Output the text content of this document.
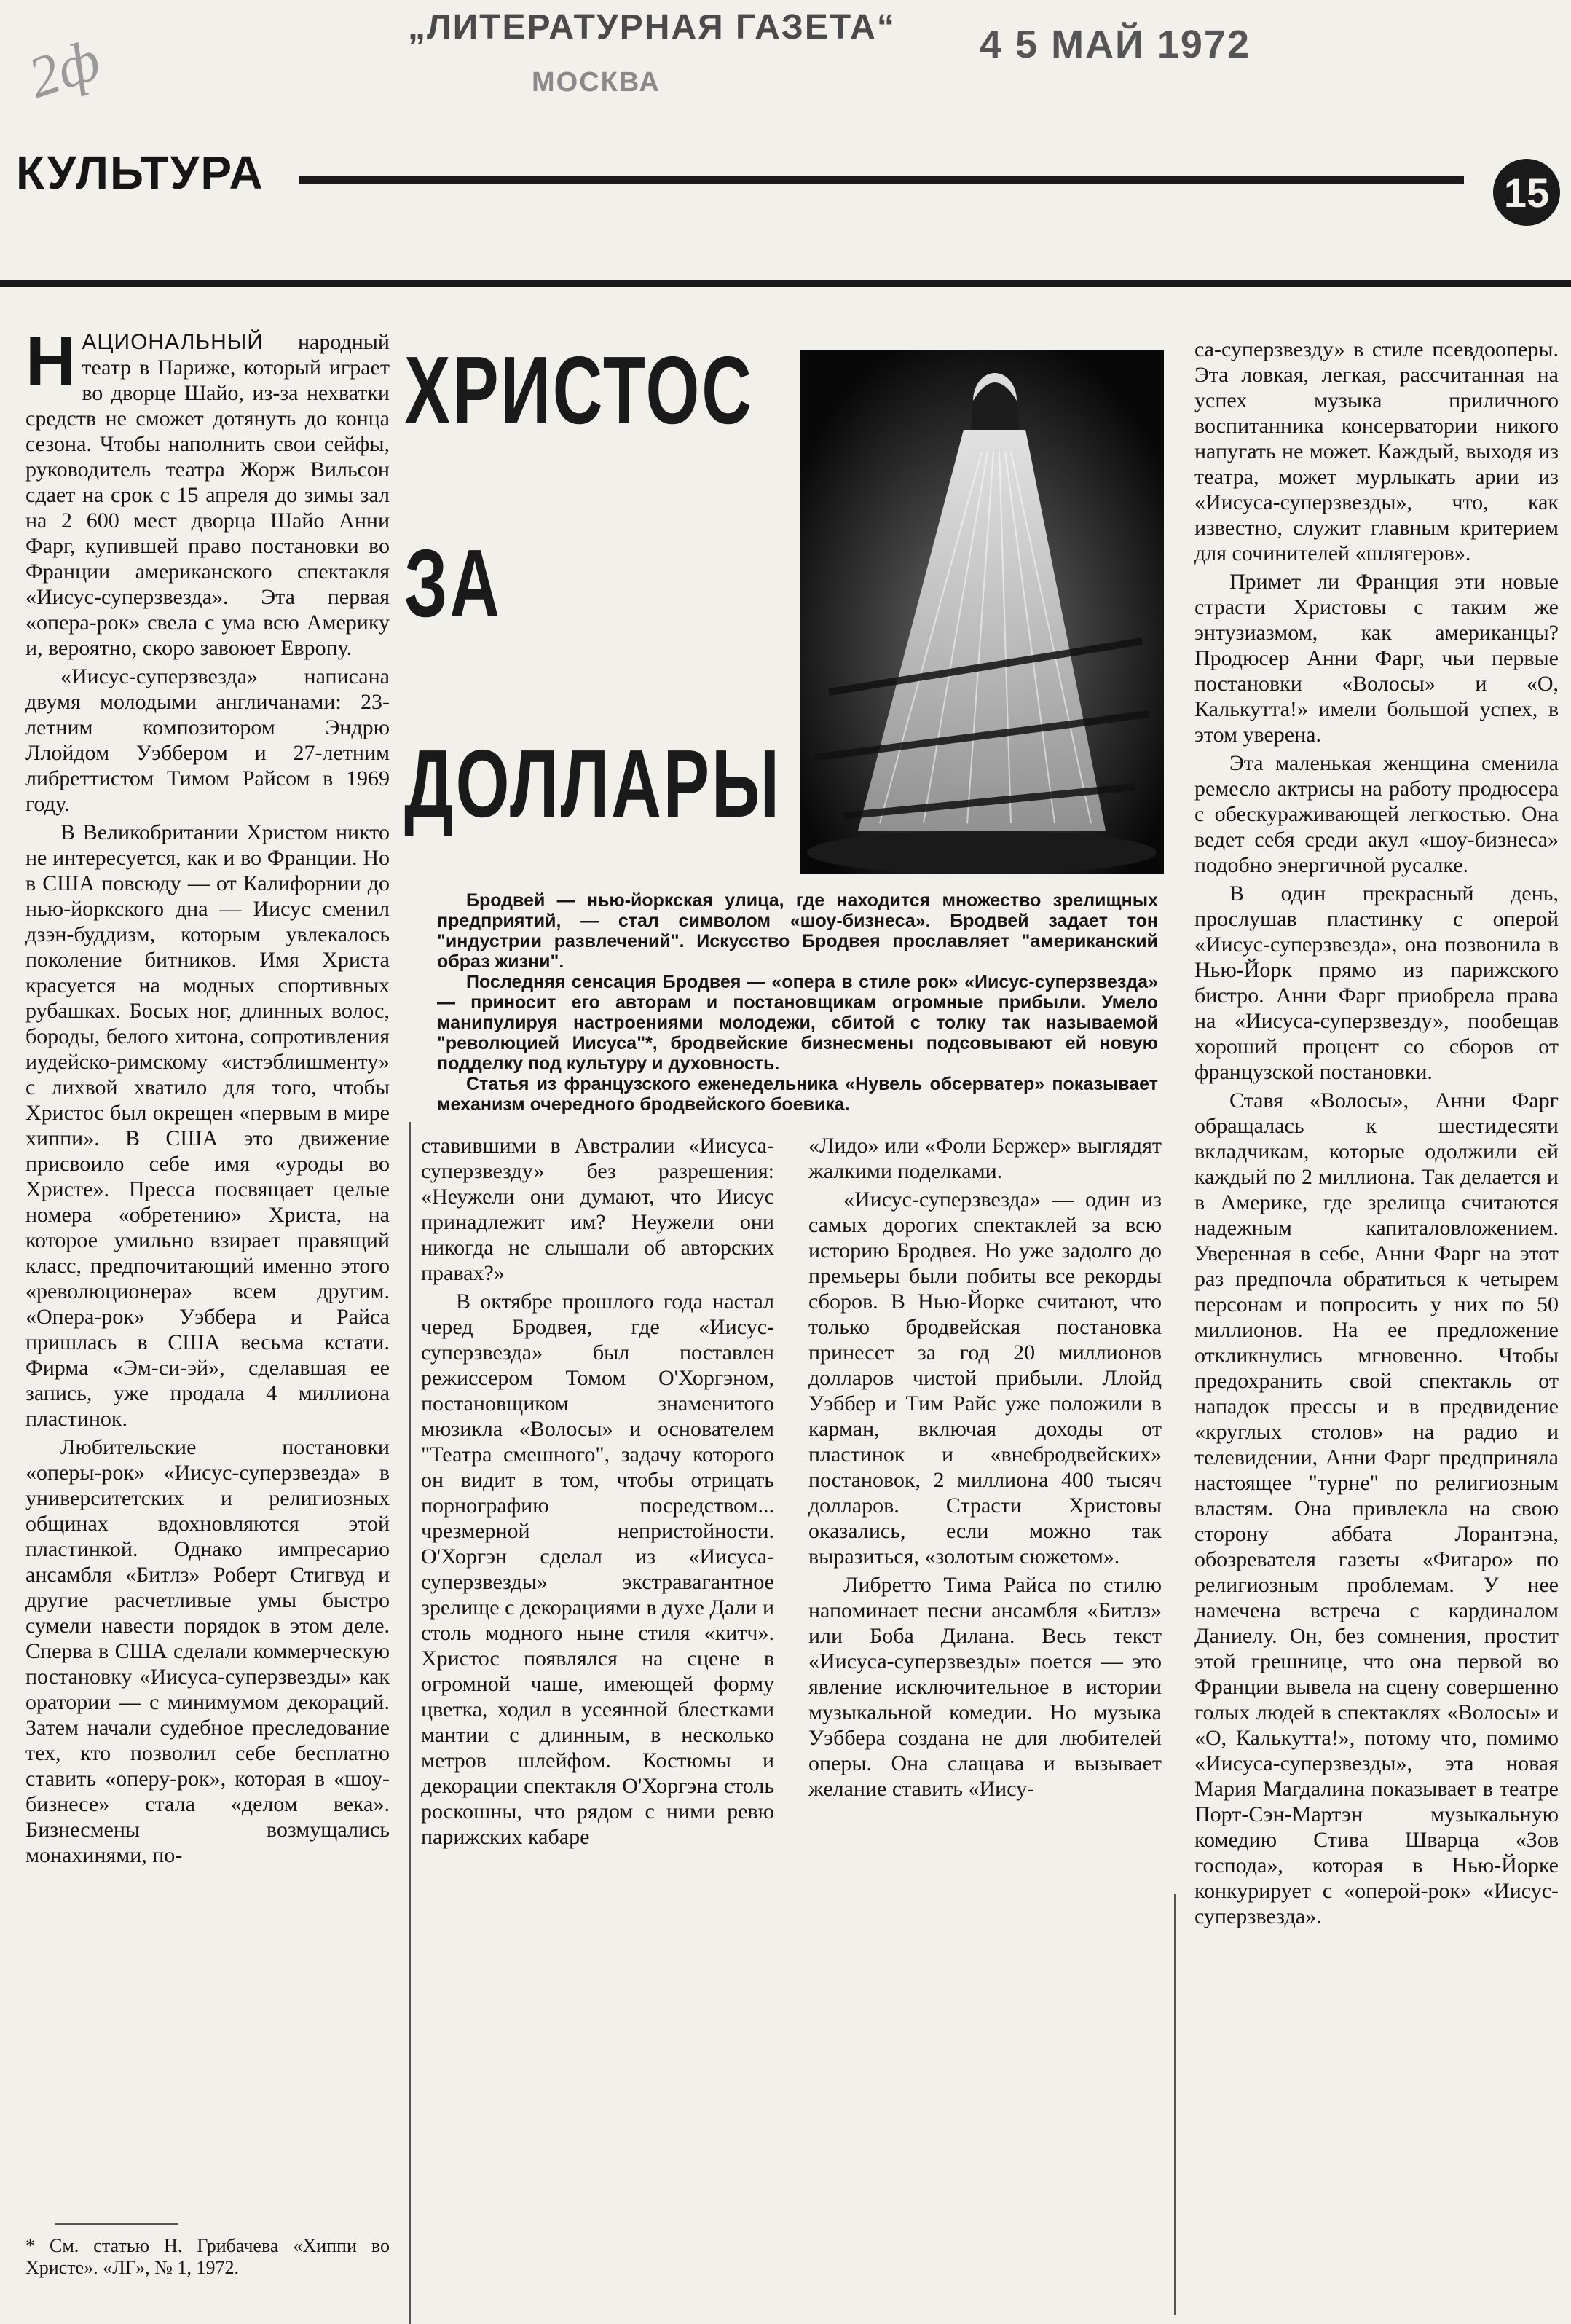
2ф
„ЛИТЕРАТУРНАЯ ГАЗЕТА“
МОСКВА
4 5 МАЙ 1972
КУЛЬТУРА	15

НАЦИОНАЛЬНЫЙ народный театр в Париже, который играет во дворце Шайо, из-за нехватки средств не сможет дотянуть до конца сезона. Чтобы наполнить свои сейфы, руководитель театра Жорж Вильсон сдает на срок с 15 апреля до зимы зал на 2 600 мест дворца Шайо Анни Фарг, купившей право постановки во Франции американского спектакля «Иисус-суперзвезда». Эта первая «опера-рок» свела с ума всю Америку и, вероятно, скоро завоюет Европу.

«Иисус-суперзвезда» написана двумя молодыми англичанами: 23-летним композитором Эндрю Ллойдом Уэббером и 27-летним либреттистом Тимом Райсом в 1969 году.

В Великобритании Христом никто не интересуется, как и во Франции. Но в США повсюду — от Калифорнии до нью-йоркского дна — Иисус сменил дзэн-буддизм, которым увлекалось поколение битников. Имя Христа красуется на модных спортивных рубашках. Босых ног, длинных волос, бороды, белого хитона, сопротивления иудейско-римскому «истэблишменту» с лихвой хватило для того, чтобы Христос был окрещен «первым в мире хиппи». В США это движение присвоило себе имя «уроды во Христе». Пресса посвящает целые номера «обретению» Христа, на которое умильно взирает правящий класс, предпочитающий именно этого «революционера» всем другим. «Опера-рок» Уэббера и Райса пришлась в США весьма кстати. Фирма «Эм-си-эй», сделавшая ее запись, уже продала 4 миллиона пластинок.

Любительские постановки «оперы-рок» «Иисус-суперзвезда» в университетских и религиозных общинах вдохновляются этой пластинкой. Однако импресарио ансамбля «Битлз» Роберт Стигвуд и другие расчетливые умы быстро сумели навести порядок в этом деле. Сперва в США сделали коммерческую постановку «Иисуса-суперзвезды» как оратории — с минимумом декораций. Затем начали судебное преследование тех, кто позволил себе бесплатно ставить «оперу-рок», которая в «шоу-бизнесе» стала «делом века». Бизнесмены возмущались монахинями, по-

* См. статью Н. Грибачева «Хиппи во Христе». «ЛГ», № 1, 1972.
ХРИСТОС
ЗА
ДОЛЛАРЫ

Бродвей — нью-йоркская улица, где находится множество зрелищных предприятий, — стал символом «шоу-бизнеса». Бродвей задает тон "индустрии развлечений". Искусство Бродвея прославляет "американский образ жизни".

Последняя сенсация Бродвея — «опера в стиле рок» «Иисус-суперзвезда» — приносит его авторам и постановщикам огромные прибыли. Умело манипулируя настроениями молодежи, сбитой с толку так называемой "революцией Иисуса"*, бродвейские бизнесмены подсовывают ей новую подделку под культуру и духовность.

Статья из французского еженедельника «Нувель обсерватер» показывает механизм очередного бродвейского боевика.

ставившими в Австралии «Иисуса-суперзвезду» без разрешения: «Неужели они думают, что Иисус принадлежит им? Неужели они никогда не слышали об авторских правах?»

В октябре прошлого года настал черед Бродвея, где «Иисус-суперзвезда» был поставлен режиссером Томом О'Хоргэном, постановщиком знаменитого мюзикла «Волосы» и основателем "Театра смешного", задачу которого он видит в том, чтобы отрицать порнографию посредством... чрезмерной непристойности. О'Хоргэн сделал из «Иисуса-суперзвезды» экстравагантное зрелище с декорациями в духе Дали и столь модного ныне стиля «китч». Христос появлялся на сцене в огромной чаше, имеющей форму цветка, ходил в усеянной блестками мантии с длинным, в несколько метров шлейфом. Костюмы и декорации спектакля О'Хоргэна столь роскошны, что рядом с ними ревю парижских кабаре

«Лидо» или «Фоли Бержер» выглядят жалкими поделками.

«Иисус-суперзвезда» — один из самых дорогих спектаклей за всю историю Бродвея. Но уже задолго до премьеры были побиты все рекорды сборов. В Нью-Йорке считают, что только бродвейская постановка принесет за год 20 миллионов долларов чистой прибыли. Ллойд Уэббер и Тим Райс уже положили в карман, включая доходы от пластинок и «внебродвейских» постановок, 2 миллиона 400 тысяч долларов. Страсти Христовы оказались, если можно так выразиться, «золотым сюжетом».

Либретто Тима Райса по стилю напоминает песни ансамбля «Битлз» или Боба Дилана. Весь текст «Иисуса-суперзвезды» поется — это явление исключительное в истории музыкальной комедии. Но музыка Уэббера создана не для любителей оперы. Она слащава и вызывает желание ставить «Иису-

са-суперзвезду» в стиле псевдооперы. Эта ловкая, легкая, рассчитанная на успех музыка приличного воспитанника консерватории никого напугать не может. Каждый, выходя из театра, может мурлыкать арии из «Иисуса-суперзвезды», что, как известно, служит главным критерием для сочинителей «шлягеров».

Примет ли Франция эти новые страсти Христовы с таким же энтузиазмом, как американцы? Продюсер Анни Фарг, чьи первые постановки «Волосы» и «О, Калькутта!» имели большой успех, в этом уверена.

Эта маленькая женщина сменила ремесло актрисы на работу продюсера с обескураживающей легкостью. Она ведет себя среди акул «шоу-бизнеса» подобно энергичной русалке.

В один прекрасный день, прослушав пластинку с оперой «Иисус-суперзвезда», она позвонила в Нью-Йорк прямо из парижского бистро. Анни Фарг приобрела права на «Иисуса-суперзвезду», пообещав хороший процент со сборов от французской постановки.

Ставя «Волосы», Анни Фарг обращалась к шестидесяти вкладчикам, которые одолжили ей каждый по 2 миллиона. Так делается и в Америке, где зрелища считаются надежным капиталовложением. Уверенная в себе, Анни Фарг на этот раз предпочла обратиться к четырем персонам и попросить у них по 50 миллионов. На ее предложение откликнулись мгновенно. Чтобы предохранить свой спектакль от нападок прессы и в предвидение «круглых столов» на радио и телевидении, Анни Фарг предприняла настоящее "турне" по религиозным властям. Она привлекла на свою сторону аббата Лорантэна, обозревателя газеты «Фигаро» по религиозным проблемам. У нее намечена встреча с кардиналом Даниелу. Он, без сомнения, простит этой грешнице, что она первой во Франции вывела на сцену совершенно голых людей в спектаклях «Волосы» и «О, Калькутта!», потому что, помимо «Иисуса-суперзвезды», эта новая Мария Магдалина показывает в театре Порт-Сэн-Мартэн музыкальную комедию Стива Шварца «Зов господа», которая в Нью-Йорке конкурирует с «оперой-рок» «Иисус-суперзвезда».
